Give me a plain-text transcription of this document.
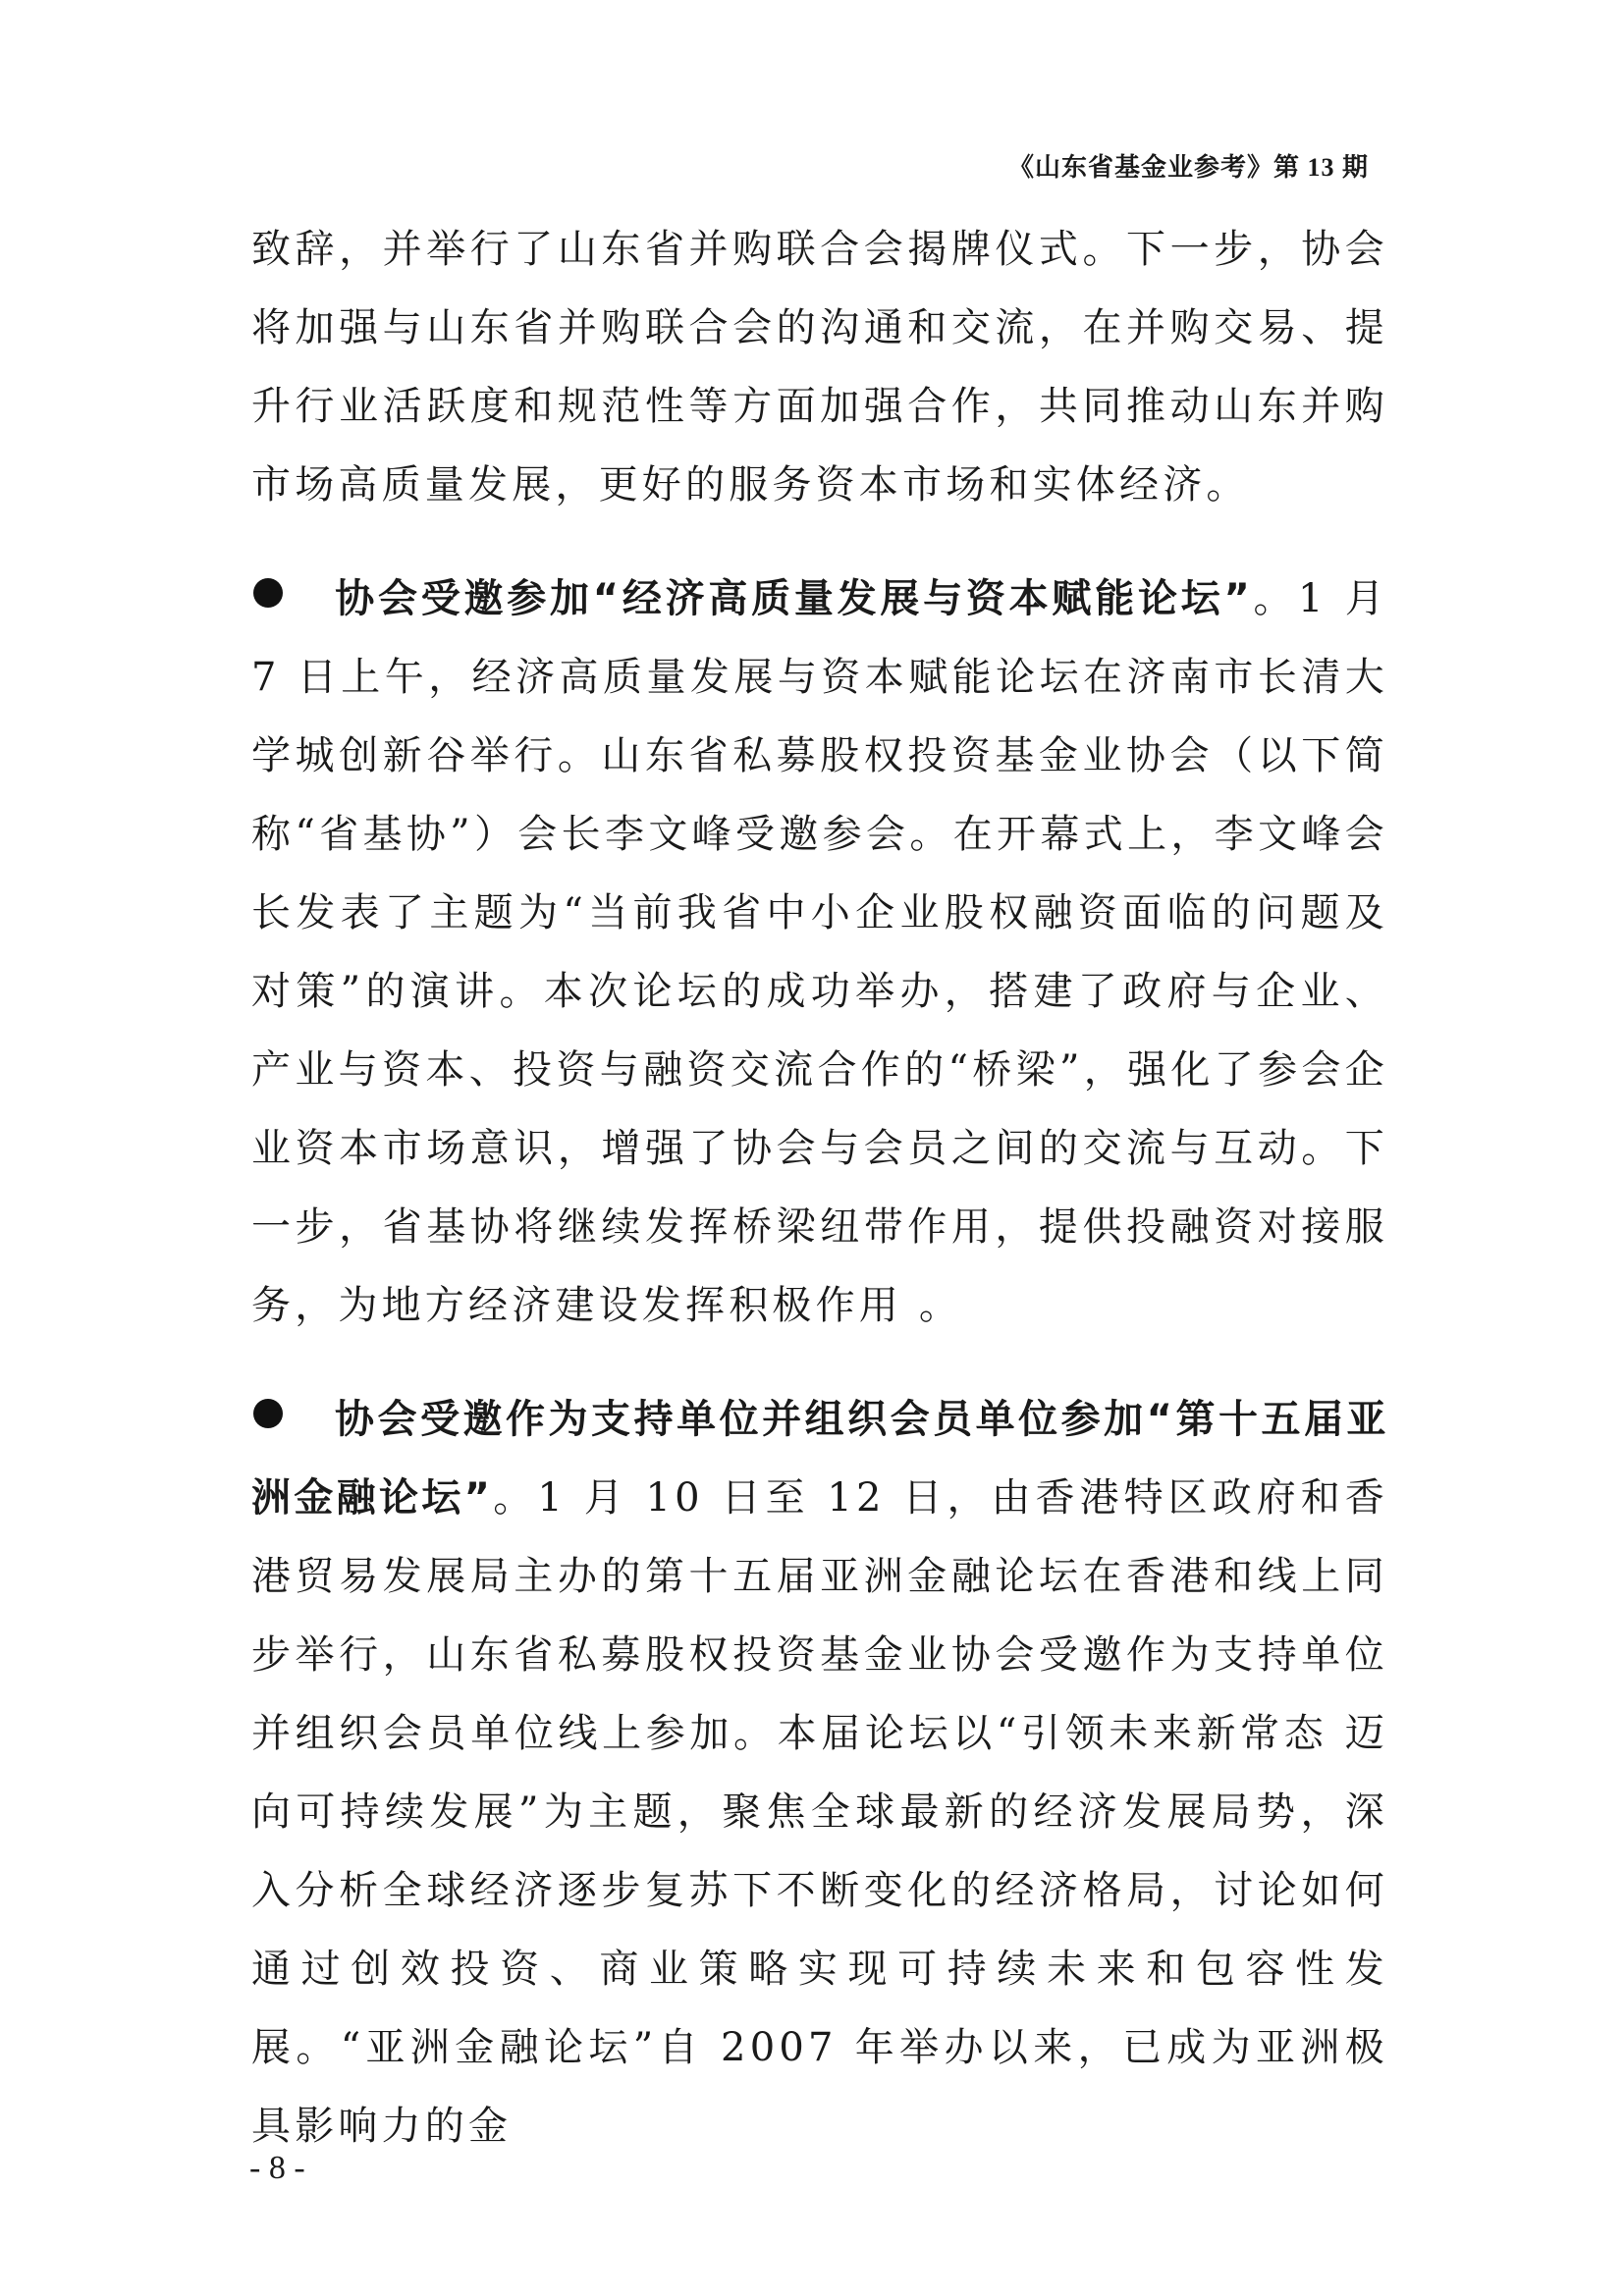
《山东省基金业参考》第 13 期

致辞，并举行了山东省并购联合会揭牌仪式。下一步，协会将加强与山东省并购联合会的沟通和交流，在并购交易、提升行业活跃度和规范性等方面加强合作，共同推动山东并购市场高质量发展，更好的服务资本市场和实体经济。

协会受邀参加“经济高质量发展与资本赋能论坛”。1 月 7 日上午，经济高质量发展与资本赋能论坛在济南市长清大学城创新谷举行。山东省私募股权投资基金业协会（以下简称“省基协”）会长李文峰受邀参会。在开幕式上，李文峰会长发表了主题为“当前我省中小企业股权融资面临的问题及对策”的演讲。本次论坛的成功举办，搭建了政府与企业、产业与资本、投资与融资交流合作的“桥梁”，强化了参会企业资本市场意识，增强了协会与会员之间的交流与互动。下一步，省基协将继续发挥桥梁纽带作用，提供投融资对接服务，为地方经济建设发挥积极作用 。

协会受邀作为支持单位并组织会员单位参加“第十五届亚洲金融论坛”。1 月 10 日至 12 日，由香港特区政府和香港贸易发展局主办的第十五届亚洲金融论坛在香港和线上同步举行，山东省私募股权投资基金业协会受邀作为支持单位并组织会员单位线上参加。本届论坛以“引领未来新常态 迈向可持续发展”为主题，聚焦全球最新的经济发展局势，深入分析全球经济逐步复苏下不断变化的经济格局，讨论如何通过创效投资、商业策略实现可持续未来和包容性发展。“亚洲金融论坛”自 2007 年举办以来，已成为亚洲极具影响力的金

- 8 -
